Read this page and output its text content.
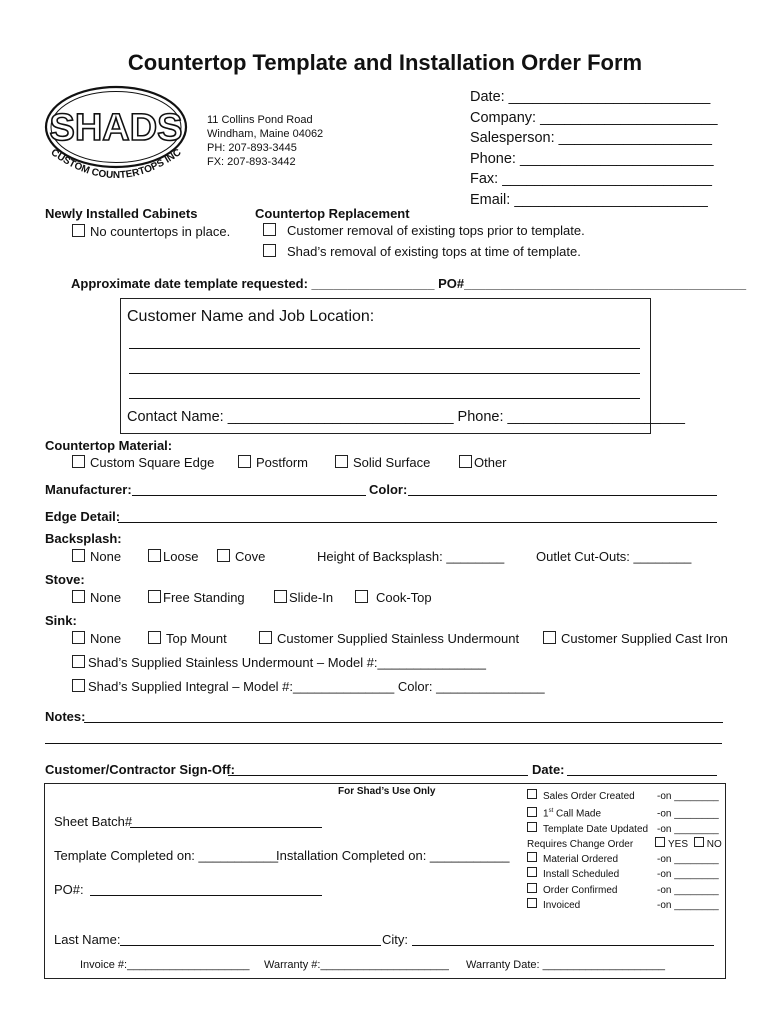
Countertop Template and Installation Order Form
SHADS
CUSTOM COUNTERTOPS INC
11 Collins Pond Road
Windham, Maine 04062
PH: 207-893-3445
FX: 207-893-3442
Date: _________________________
Company: ______________________
Salesperson: ___________________
Phone: ________________________
Fax: __________________________
Email: ________________________
Newly Installed Cabinets
No countertops in place.
Countertop Replacement
Customer removal of existing tops prior to template.
Shad’s removal of existing tops at time of template.
Approximate date template requested: _________________ PO#_______________________________________
Customer Name and Job Location:
Contact Name: ____________________________ Phone: ______________________
Countertop Material:
Custom Square Edge	Postform	Solid Surface	Other
Manufacturer:	Color:
Edge Detail:
Backsplash:
None	Loose	Cove	Height of Backsplash: ________ Outlet Cut-Outs: ________
Stove:
None	Free Standing	Slide-In	Cook-Top
Sink:
None	Top Mount	Customer Supplied Stainless Undermount	Customer Supplied Cast Iron
Shad’s Supplied Stainless Undermount – Model #:_______________
Shad’s Supplied Integral – Model #:______________ Color: _______________
Notes:
Customer/Contractor Sign-Off:	Date:
For Shad’s Use Only
Sheet Batch#
Template Completed on: ___________
Installation Completed on: ___________
PO#:
Sales Order Created -on ________
1st Call Made	-on ________
Template Date Updated -on ________
Requires Change Order	YES NO
Material Ordered	-on ________
Install Scheduled	-on ________
Order Confirmed	-on ________
Invoiced	-on ________
Last Name:	City:
Invoice #:____________________ Warranty #:_____________________ Warranty Date: ____________________
